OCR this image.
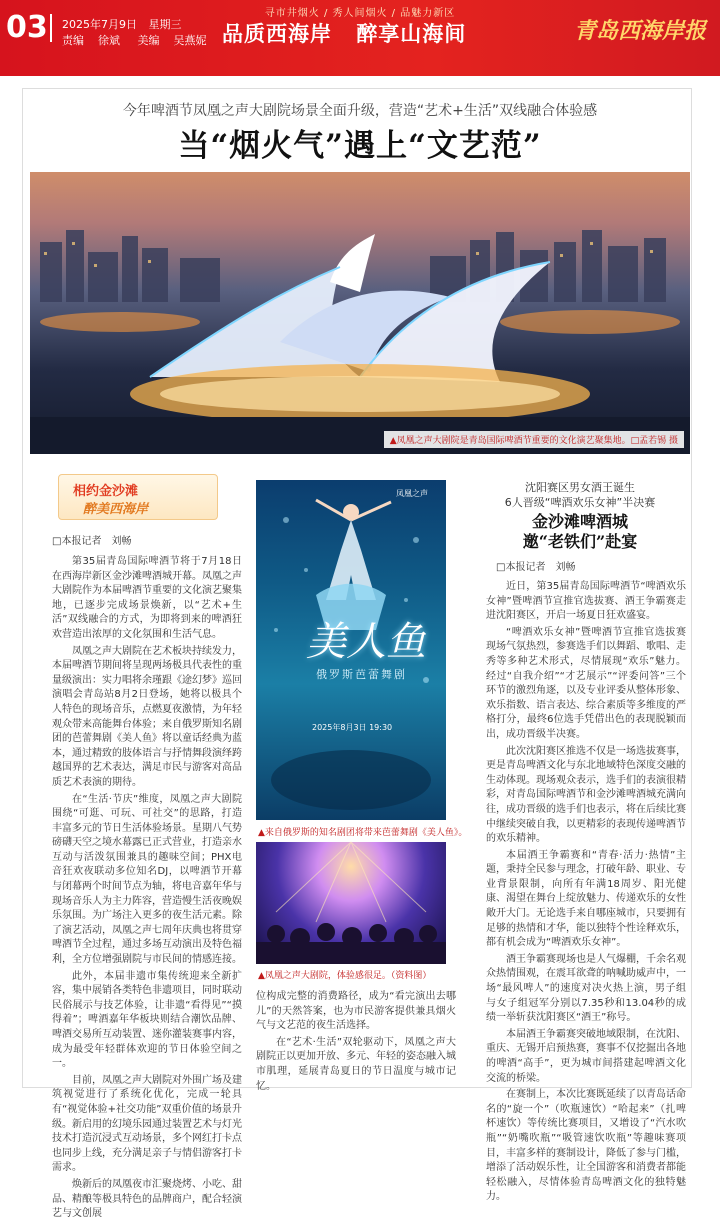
寻市井烟火 / 秀人间烟火 / 品魅力新区
03 2025年7月9日 星期三
责编 徐斌 美编 吴燕妮 品质西海岸 醉享山海间	青岛西海岸报
今年啤酒节凤凰之声大剧院场景全面升级，营造“艺术+生活”双线融合体验感
当“烟火气”遇上“文艺范”
▲凤凰之声大剧院是青岛国际啤酒节重要的文化演艺聚集地。□孟若锡 摄
相约金沙滩
醉美西海岸
□本报记者 刘畅

第35届青岛国际啤酒节将于7月18日在西海岸新区金沙滩啤酒城开幕。凤凰之声大剧院作为本届啤酒节重要的文化演艺聚集地，已逐步完成场景焕新，以“艺术+生活”双线融合的方式，为即将到来的啤酒狂欢营造出浓厚的文化氛围和生活气息。

凤凰之声大剧院在艺术板块持续发力，本届啤酒节期间将呈现两场极具代表性的重量级演出：实力唱将余瑾跟《途幻梦》巡回演唱会青岛站8月2日登场，她将以极具个人特色的现场音乐，点燃夏夜激情，为年轻观众带来高能舞台体验；来自俄罗斯知名剧团的芭蕾舞剧《美人鱼》将以童话经典为蓝本，通过精致的肢体语言与抒情舞段演绎跨越国界的艺术表达，满足市民与游客对高品质艺术表演的期待。

在“生活·节庆”维度，凤凰之声大剧院围绕“可逛、可玩、可社交”的思路，打造丰富多元的节日生活体验场景。星期八气势磅礴天空之境水幕露已正式营业，打造亲水互动与活泼氛围兼具的趣味空间；PHX电音狂欢夜联动多位知名DJ，以啤酒节开幕与闭幕两个时间节点为轴，将电音嘉年华与现场音乐人为主力阵容，营造慢生活夜晚娱乐氛围。为广场注入更多的夜生活元素。除了演艺活动，凤凰之声七周年庆典也将贯穿啤酒节全过程，通过多场互动演出及特色福利，全方位增强剧院与市民间的情感连接。

此外，本届非遗市集传统迎来全新扩容，集中展销各类特色非遗项目，同时联动民俗展示与技艺体验，让非遗“看得见”“摸得着”；啤酒嘉年华板块则结合潮饮品牌、啤酒交易所互动装置、迷你灌装赛事内容，成为最受年轻群体欢迎的节日体验空间之一。

目前，凤凰之声大剧院对外围广场及建筑视觉进行了系统化优化，完成一轮具有“视觉体验+社交功能”双重价值的场景升级。新启用的幻境乐园通过装置艺术与灯光技术打造沉浸式互动场景，多个网红打卡点也同步上线，充分满足亲子与情侣游客打卡需求。

焕新后的凤凰夜市汇聚烧烤、小吃、甜品、精酿等极具特色的品牌商户，配合轻演艺与文创展

凤凰之声
美人鱼
俄罗斯芭蕾舞剧
2025年8月3日 19:30
▲来自俄罗斯的知名剧团将带来芭蕾舞剧《美人鱼》。
▲凤凰之声大剧院，体验感很足。（资料图）

位构成完整的消费路径，成为“看完演出去哪儿”的天然答案，也为市民游客提供兼具烟火气与文艺范的夜生活选择。

在“艺术·生活”双轮驱动下，凤凰之声大剧院正以更加开放、多元、年轻的姿态融入城市肌理，延展青岛夏日的节日温度与城市记忆。

沈阳赛区男女酒王诞生
6人晋级“啤酒欢乐女神”半决赛
金沙滩啤酒城
邀“老铁们”赴宴
□本报记者 刘畅

近日，第35届青岛国际啤酒节“啤酒欢乐女神”暨啤酒节宣推官选拔赛、酒王争霸赛走进沈阳赛区，开启一场夏日狂欢盛宴。

“啤酒欢乐女神”暨啤酒节宣推官选拔赛现场气氛热烈，参赛选手们以舞蹈、歌唱、走秀等多种艺术形式，尽情展现“欢乐”魅力。经过“自我介绍”“才艺展示”“评委问答”三个环节的激烈角逐，以及专业评委从整体形象、欢乐指数、语言表达、综合素质等多维度的严格打分，最终6位选手凭借出色的表现脱颖而出，成功晋级半决赛。

此次沈阳赛区推选不仅是一场选拔赛事，更是青岛啤酒文化与东北地域特色深度交融的生动体现。现场观众表示，选手们的表演很精彩，对青岛国际啤酒节和金沙滩啤酒城充满向往，成功晋级的选手们也表示，将在后续比赛中继续突破自我，以更精彩的表现传递啤酒节的欢乐精神。

本届酒王争霸赛和“青春·活力·热情”主题，秉持全民参与理念，打破年龄、职业、专业背景限制，向所有年满18周岁、阳光健康、渴望在舞台上绽放魅力、传递欢乐的女性敞开大门。无论选手来自哪座城市，只要拥有足够的热情和才华，能以独特个性诠释欢乐，都有机会成为“啤酒欢乐女神”。

酒王争霸赛现场也是人气爆棚，千余名观众热情围观，在震耳欲聋的呐喊助威声中，一场“最风啤人”的速度对决火热上演，男子组与女子组冠军分别以7.35秒和13.04秒的成绩一举斩获沈阳赛区“酒王”称号。

本届酒王争霸赛突破地域限制，在沈阳、重庆、无锡开启预热赛，赛事不仅挖掘出各地的啤酒“高手”，更为城市间搭建起啤酒文化交流的桥梁。

在赛制上，本次比赛既延续了以青岛话命名的“旋一个”（吹瓶速饮）“哈起来”（扎啤杯速饮）等传统比赛项目，又增设了“汽水吹瓶”“奶嘴吹瓶”“吸管速饮吹瓶”等趣味赛项目，丰富多样的赛制设计，降低了参与门槛，增添了活动娱乐性，让全国游客和消费者都能轻松融入，尽情体验青岛啤酒文化的独特魅力。
